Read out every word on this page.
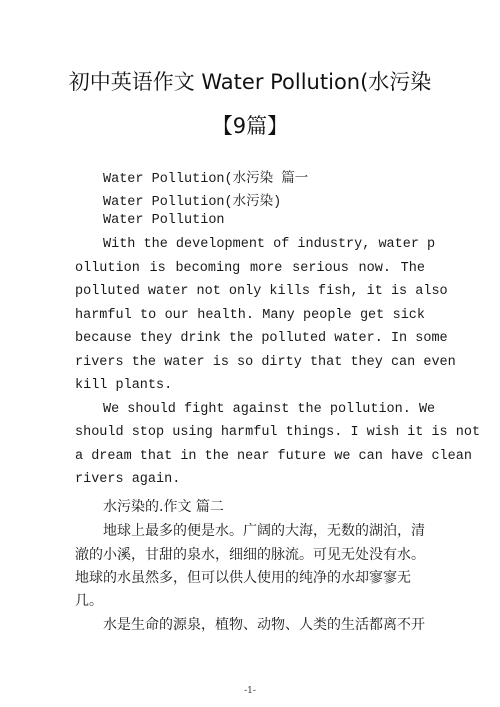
初中英语作文 Water Pollution(水污染
【9篇】
Water Pollution(水污染 篇一
Water Pollution(水污染)
Water Pollution
With the development of industry, water p
ollution is becoming more serious now. The
polluted water not only kills fish, it is also
harmful to our health. Many people get sick
because they drink the polluted water. In some
rivers the water is so dirty that they can even
kill plants.
We should fight against the pollution. We
should stop using harmful things. I wish it is not
a dream that in the near future we can have clean
rivers again.
水污染的.作文 篇二
地球上最多的便是水。广阔的大海，无数的湖泊，清
澈的小溪，甘甜的泉水，细细的脉流。可见无处没有水。
地球的水虽然多，但可以供人使用的纯净的水却寥寥无
几。
水是生命的源泉，植物、动物、人类的生活都离不开
-1-
